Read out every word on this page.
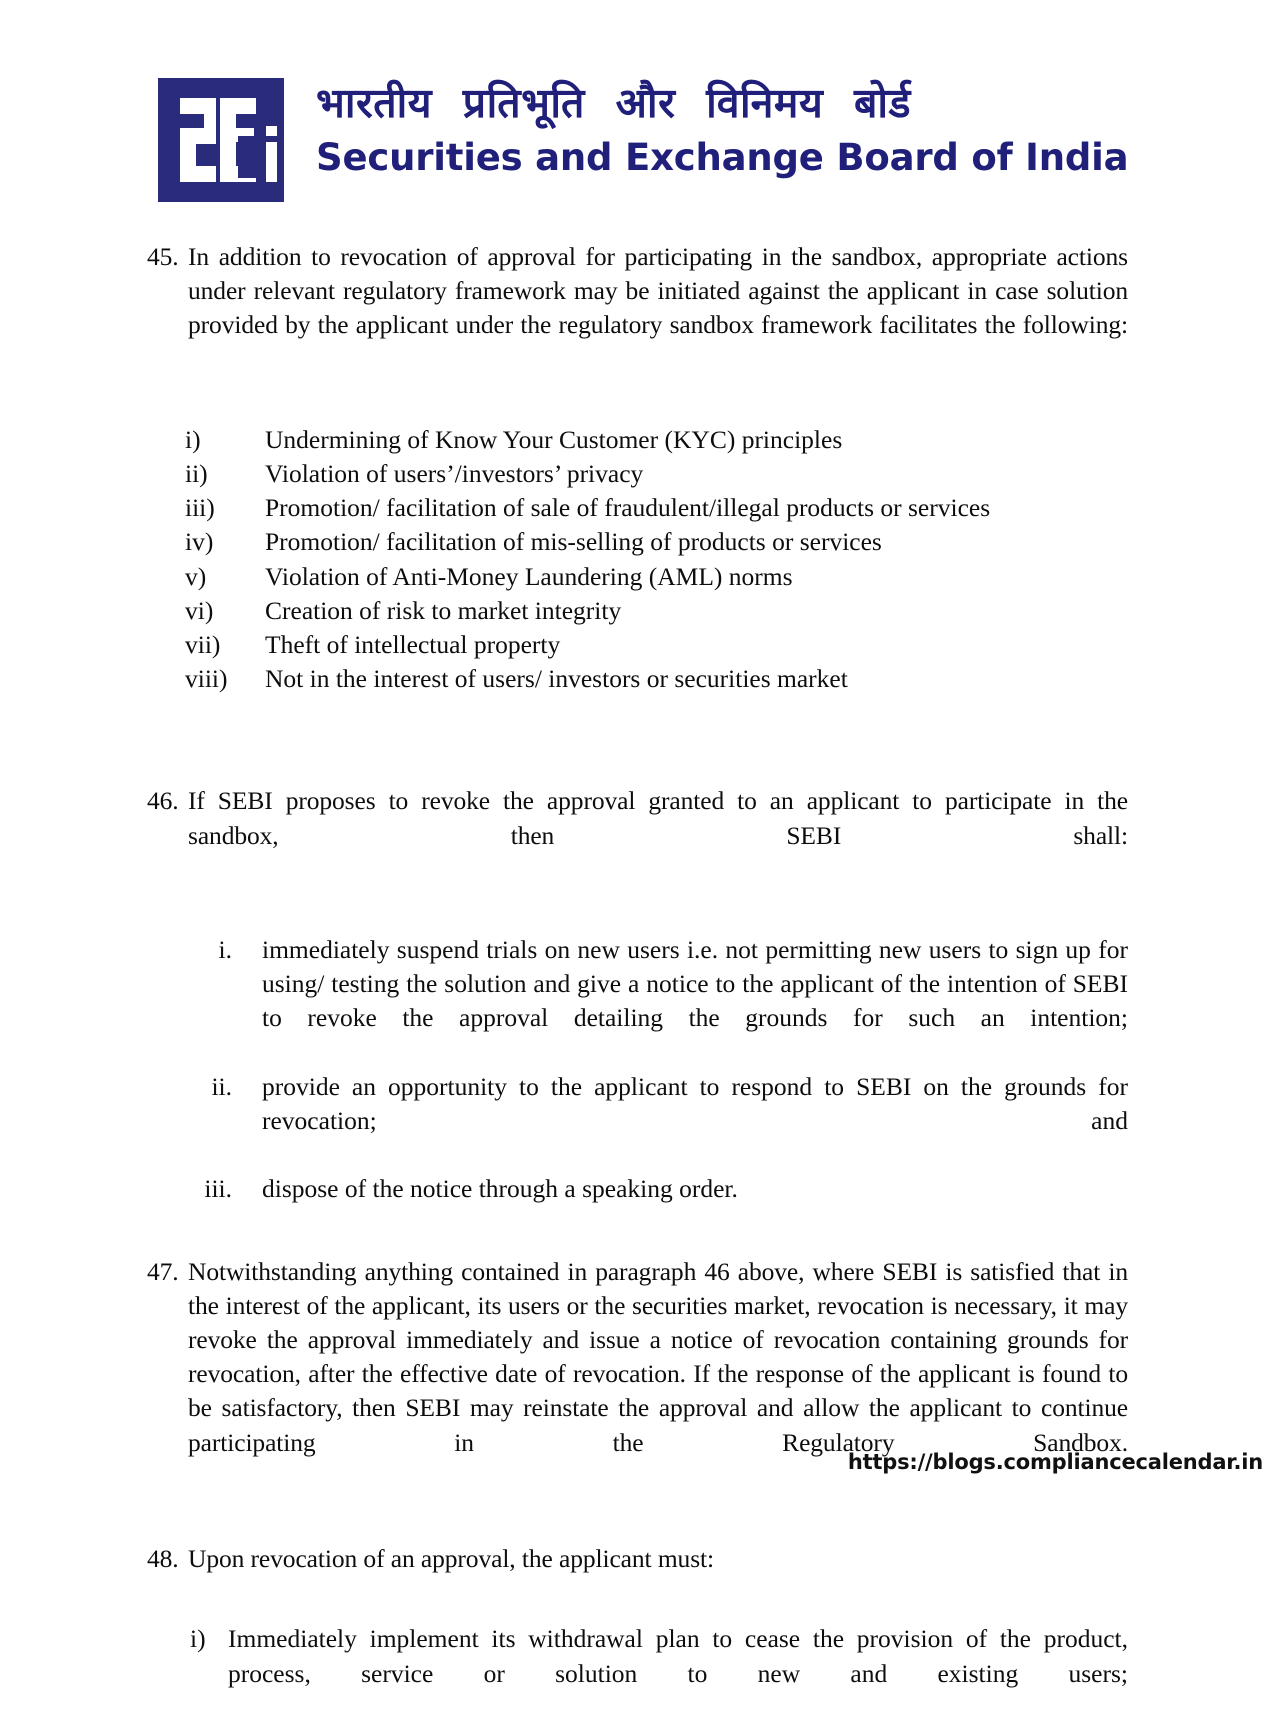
भारतीय प्रतिभूति और विनिमय बोर्ड
Securities and Exchange Board of India
45. In addition to revocation of approval for participating in the sandbox, appropriate actions under relevant regulatory framework may be initiated against the applicant in case solution provided by the applicant under the regulatory sandbox framework facilitates the following:
i)	Undermining of Know Your Customer (KYC) principles
ii)	Violation of users’/investors’ privacy
iii)	Promotion/ facilitation of sale of fraudulent/illegal products or services
iv)	Promotion/ facilitation of mis-selling of products or services
v)	Violation of Anti-Money Laundering (AML) norms
vi)	Creation of risk to market integrity
vii)	Theft of intellectual property
viii)	Not in the interest of users/ investors or securities market
46. If SEBI proposes to revoke the approval granted to an applicant to participate in the sandbox, then SEBI shall:
i. immediately suspend trials on new users i.e. not permitting new users to sign up for using/ testing the solution and give a notice to the applicant of the intention of SEBI to revoke the approval detailing the grounds for such an intention;
ii. provide an opportunity to the applicant to respond to SEBI on the grounds for revocation; and
iii. dispose of the notice through a speaking order.
47. Notwithstanding anything contained in paragraph 46 above, where SEBI is satisfied that in the interest of the applicant, its users or the securities market, revocation is necessary, it may revoke the approval immediately and issue a notice of revocation containing grounds for revocation, after the effective date of revocation. If the response of the applicant is found to be satisfactory, then SEBI may reinstate the approval and allow the applicant to continue participating in the Regulatory Sandbox.
48. Upon revocation of an approval, the applicant must:
i) Immediately implement its withdrawal plan to cease the provision of the product, process, service or solution to new and existing users;
https://blogs.compliancecalendar.in
